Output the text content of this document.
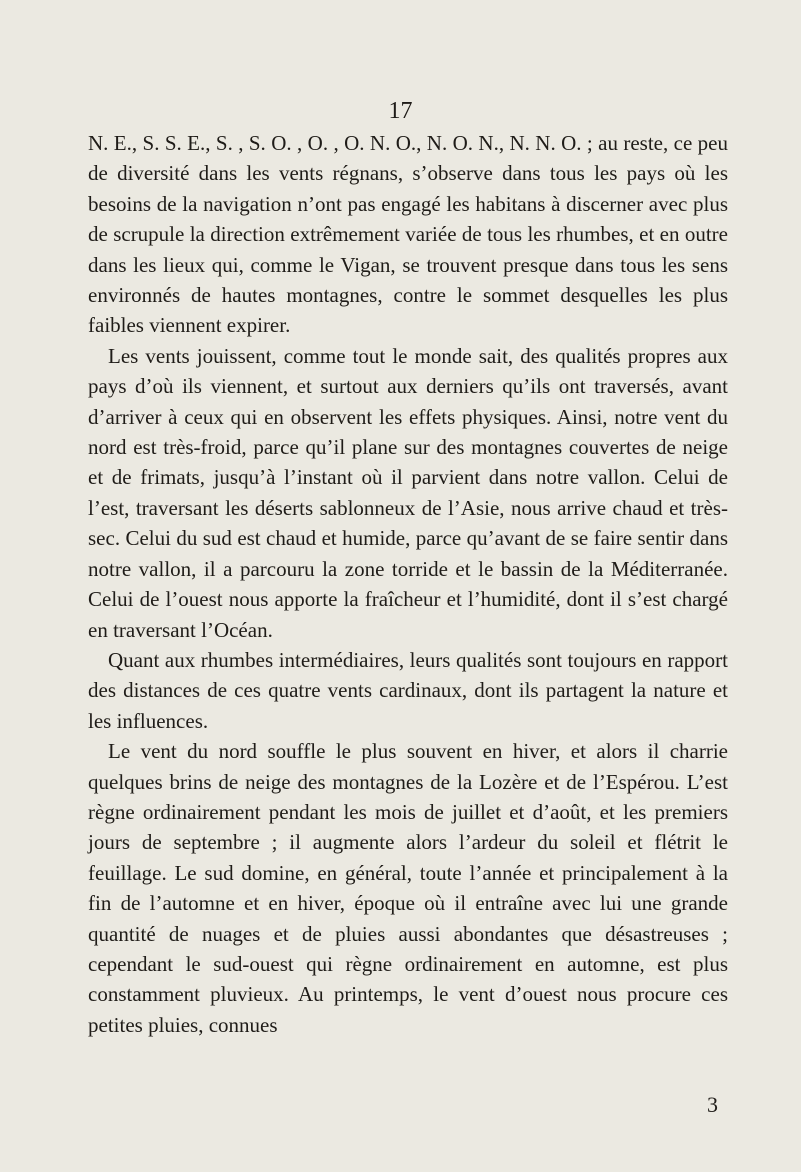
17

N. E., S. S. E., S. , S. O. , O. , O. N. O., N. O. N., N. N. O. ; au reste, ce peu de diversité dans les vents régnans, s’observe dans tous les pays où les besoins de la navigation n’ont pas engagé les habitans à discerner avec plus de scrupule la direction extrêmement variée de tous les rhumbes, et en outre dans les lieux qui, comme le Vigan, se trouvent presque dans tous les sens environnés de hautes montagnes, contre le sommet desquelles les plus faibles viennent expirer.

Les vents jouissent, comme tout le monde sait, des qualités propres aux pays d’où ils viennent, et surtout aux derniers qu’ils ont traversés, avant d’arriver à ceux qui en observent les effets physiques. Ainsi, notre vent du nord est très-froid, parce qu’il plane sur des montagnes couvertes de neige et de frimats, jusqu’à l’instant où il parvient dans notre vallon. Celui de l’est, traversant les déserts sablonneux de l’Asie, nous arrive chaud et très-sec. Celui du sud est chaud et humide, parce qu’avant de se faire sentir dans notre vallon, il a parcouru la zone torride et le bassin de la Méditerranée. Celui de l’ouest nous apporte la fraîcheur et l’humidité, dont il s’est chargé en traversant l’Océan.

Quant aux rhumbes intermédiaires, leurs qualités sont toujours en rapport des distances de ces quatre vents cardinaux, dont ils partagent la nature et les influences.

Le vent du nord souffle le plus souvent en hiver, et alors il charrie quelques brins de neige des montagnes de la Lozère et de l’Espérou. L’est règne ordinairement pendant les mois de juillet et d’août, et les premiers jours de septembre ; il augmente alors l’ardeur du soleil et flétrit le feuillage. Le sud domine, en général, toute l’année et principalement à la fin de l’automne et en hiver, époque où il entraîne avec lui une grande quantité de nuages et de pluies aussi abondantes que désastreuses ; cependant le sud-ouest qui règne ordinairement en automne, est plus constamment pluvieux. Au printemps, le vent d’ouest nous procure ces petites pluies, connues

3
